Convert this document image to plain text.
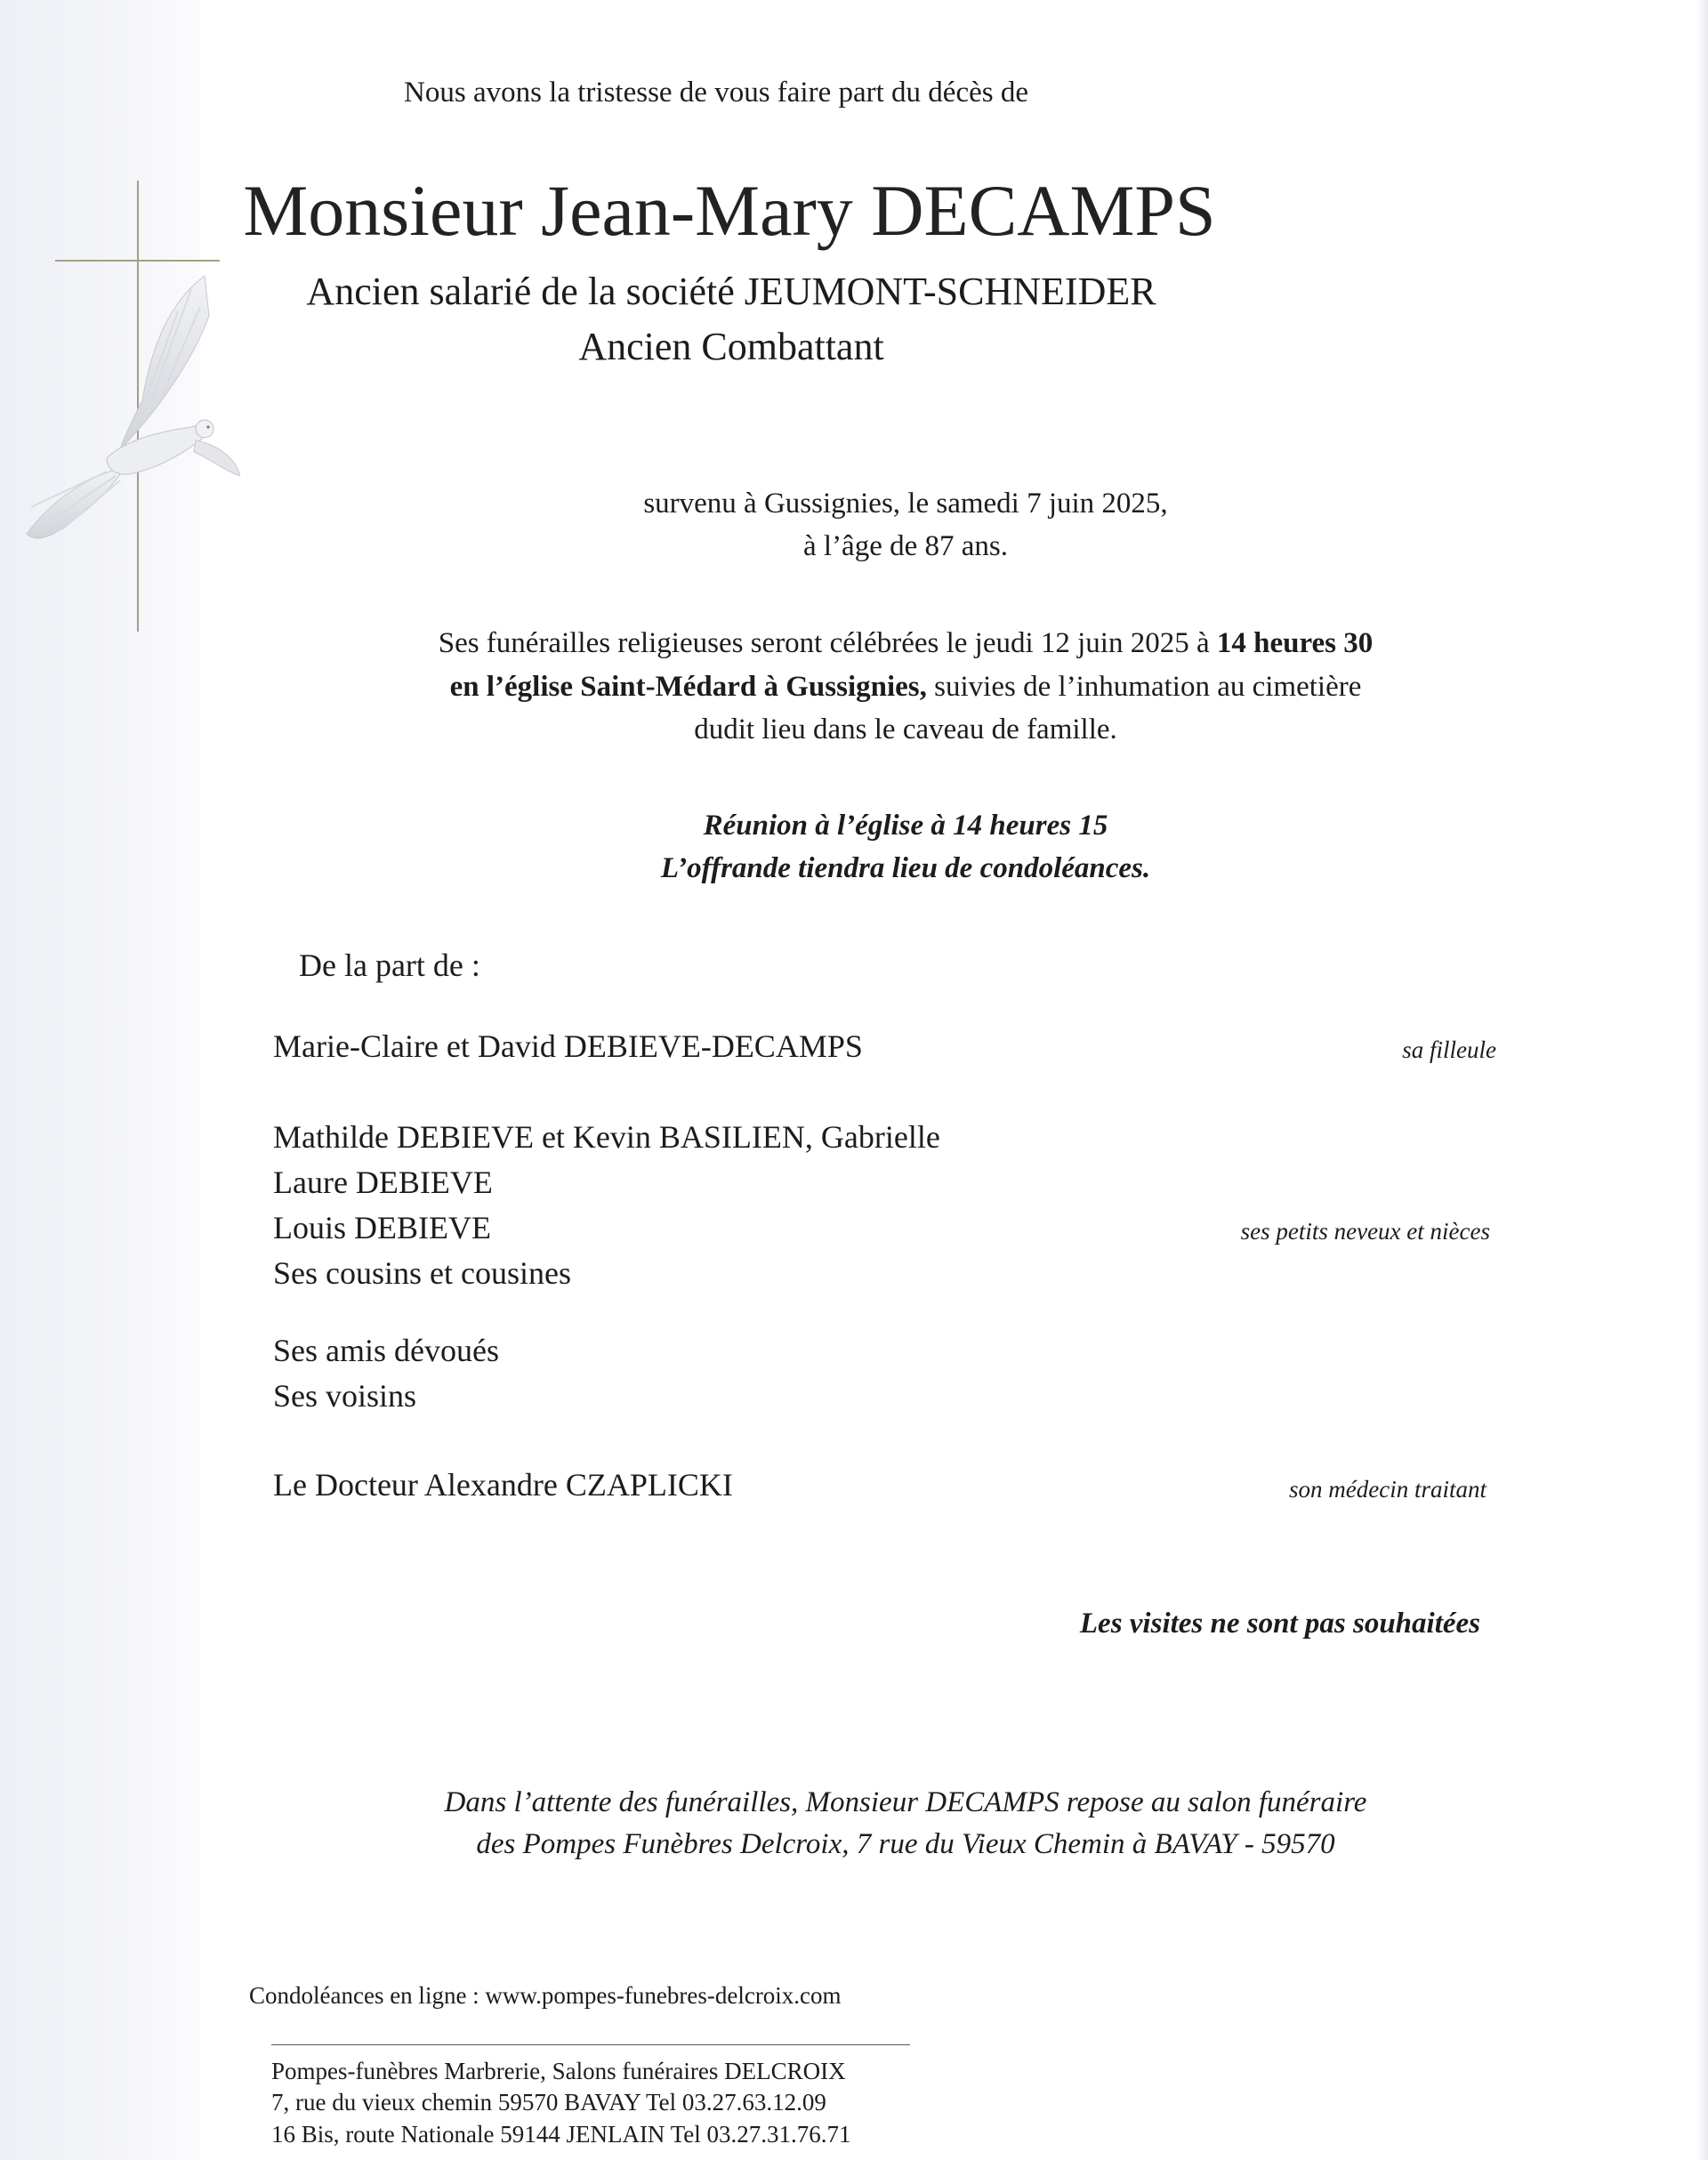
Nous avons la tristesse de vous faire part du décès de
Monsieur Jean-Mary DECAMPS
Ancien salarié de la société JEUMONT-SCHNEIDER
Ancien Combattant
survenu à Gussignies, le samedi 7 juin 2025,
à l’âge de 87 ans.
Ses funérailles religieuses seront célébrées le jeudi 12 juin 2025 à 14 heures 30
en l’église Saint-Médard à Gussignies, suivies de l’inhumation au cimetière
dudit lieu dans le caveau de famille.
Réunion à l’église à 14 heures 15
L’offrande tiendra lieu de condoléances.
De la part de :
Marie-Claire et David DEBIEVE-DECAMPS	sa filleule
Mathilde DEBIEVE et Kevin BASILIEN, Gabrielle
Laure DEBIEVE
Louis DEBIEVE
Ses cousins et cousines
ses petits neveux et nièces
Ses amis dévoués
Ses voisins
Le Docteur Alexandre CZAPLICKI	son médecin traitant
Les visites ne sont pas souhaitées
Dans l’attente des funérailles, Monsieur DECAMPS repose au salon funéraire
des Pompes Funèbres Delcroix, 7 rue du Vieux Chemin à BAVAY - 59570
Condoléances en ligne : www.pompes-funebres-delcroix.com
Pompes-funèbres Marbrerie, Salons funéraires DELCROIX
7, rue du vieux chemin 59570 BAVAY Tel 03.27.63.12.09
16 Bis, route Nationale 59144 JENLAIN Tel 03.27.31.76.71
